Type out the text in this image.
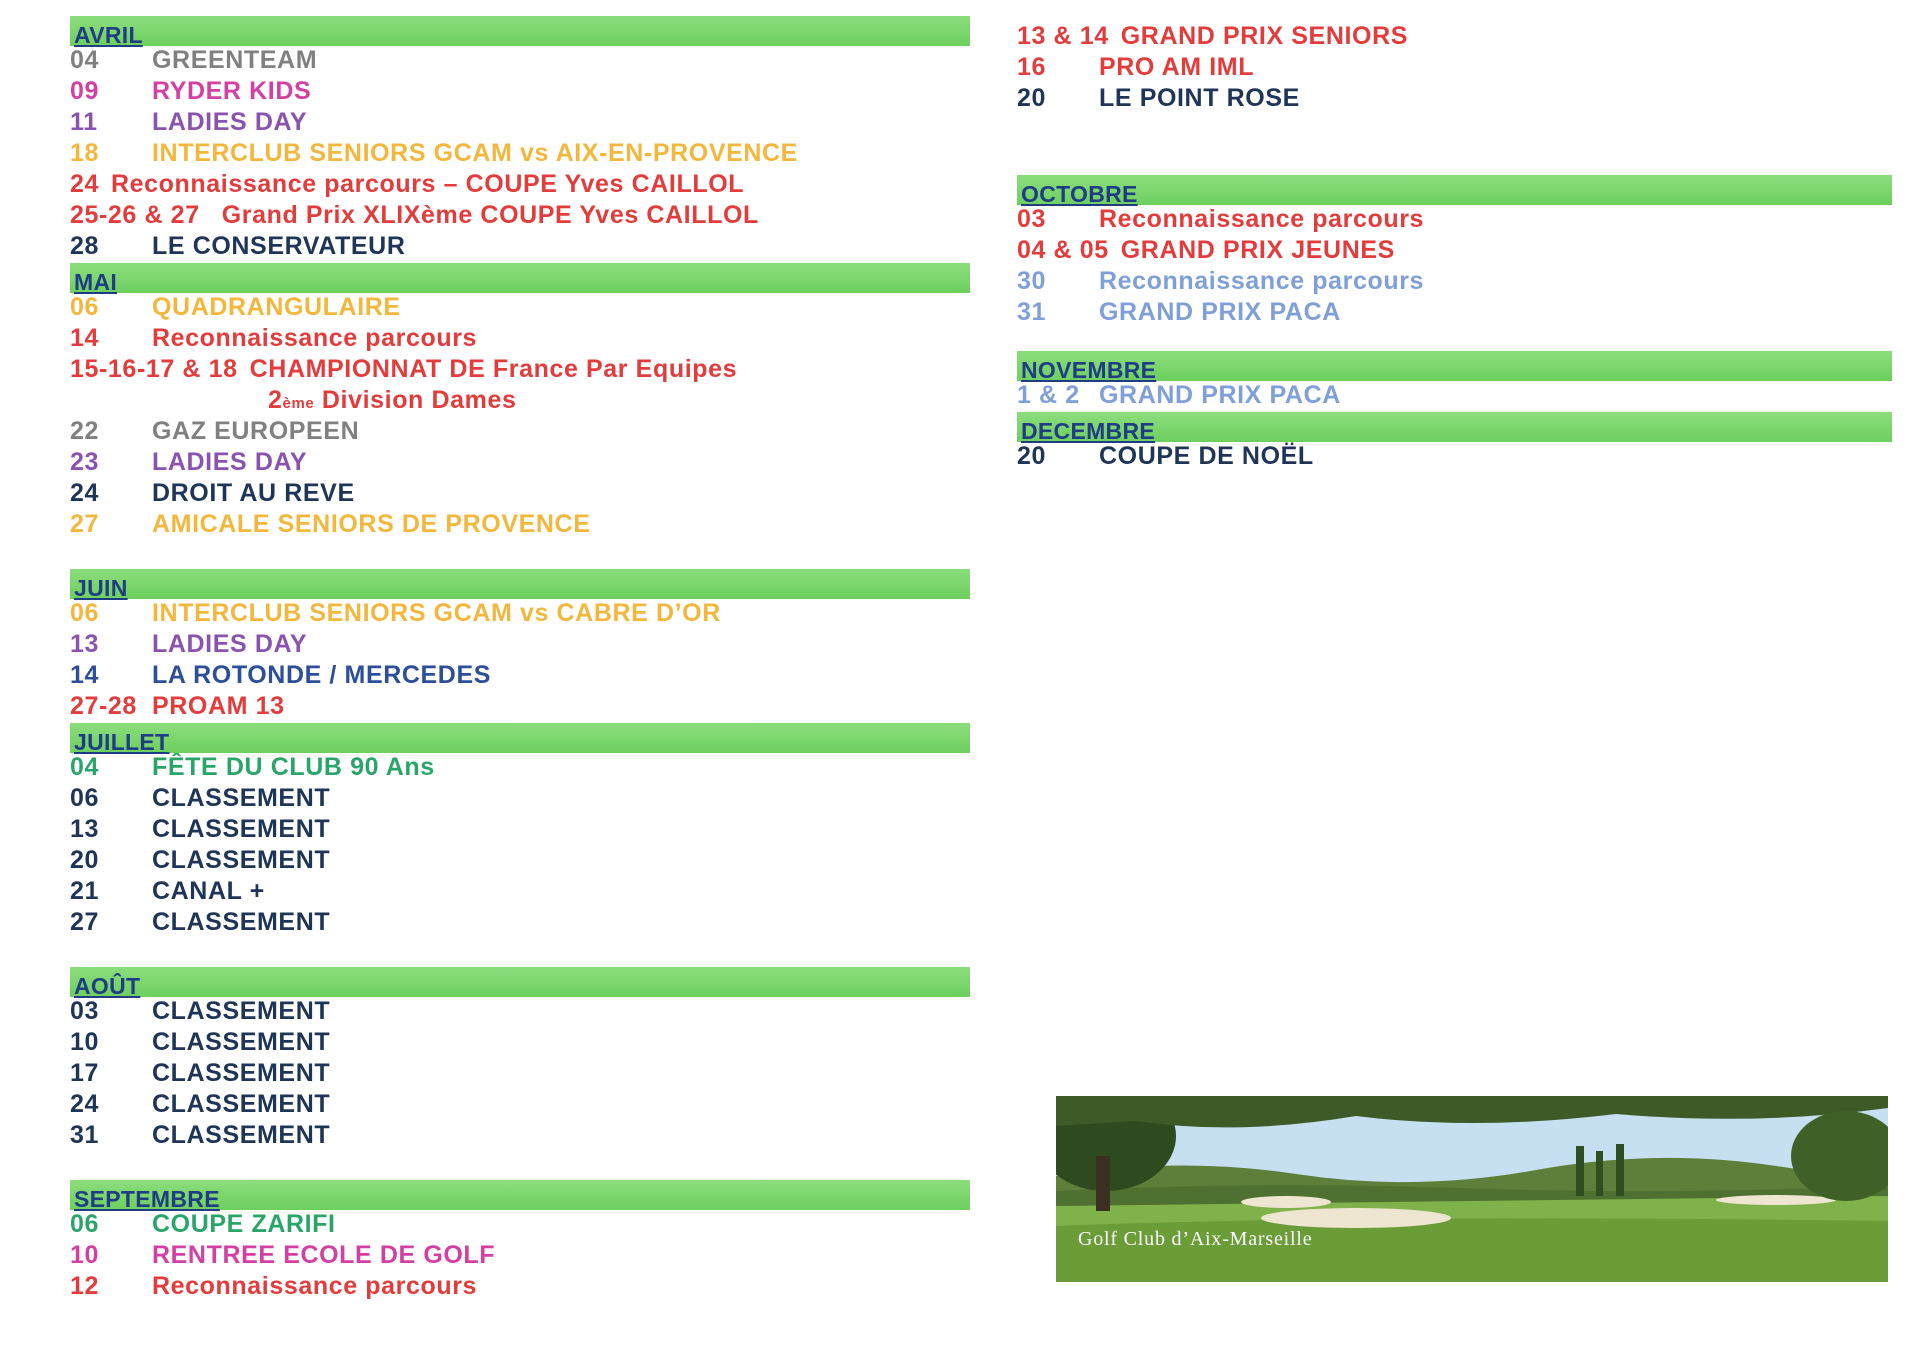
AVRIL
04	GREENTEAM
09	RYDER KIDS
11	LADIES DAY
18	INTERCLUB SENIORS GCAM vs AIX-EN-PROVENCE
24 Reconnaissance parcours – COUPE Yves CAILLOL
25-26 & 27 Grand Prix XLIXème COUPE Yves CAILLOL
28	LE CONSERVATEUR
MAI
06	QUADRANGULAIRE
14	Reconnaissance parcours
15-16-17 & 18 CHAMPIONNAT DE France Par Equipes
2 ème Division Dames
22	GAZ EUROPEEN
23	LADIES DAY
24	DROIT AU REVE
27	AMICALE SENIORS DE PROVENCE
JUIN
06	INTERCLUB SENIORS GCAM vs CABRE D’OR
13	LADIES DAY
14	LA ROTONDE / MERCEDES
27-28 PROAM 13
JUILLET
04	FÊTE DU CLUB 90 Ans
06	CLASSEMENT
13	CLASSEMENT
20	CLASSEMENT
21	CANAL +
27	CLASSEMENT
AOÛT
03	CLASSEMENT
10	CLASSEMENT
17	CLASSEMENT
24	CLASSEMENT
31	CLASSEMENT
SEPTEMBRE
06	COUPE ZARIFI
10	RENTREE ECOLE DE GOLF
12	Reconnaissance parcours
13 & 14 GRAND PRIX SENIORS
16	PRO AM IML
20	LE POINT ROSE
OCTOBRE
03	Reconnaissance parcours
04 & 05 GRAND PRIX JEUNES
30	Reconnaissance parcours
31	GRAND PRIX PACA
NOVEMBRE
1 & 2 GRAND PRIX PACA
DECEMBRE
20	COUPE DE NOËL
Golf Club d’Aix-Marseille
